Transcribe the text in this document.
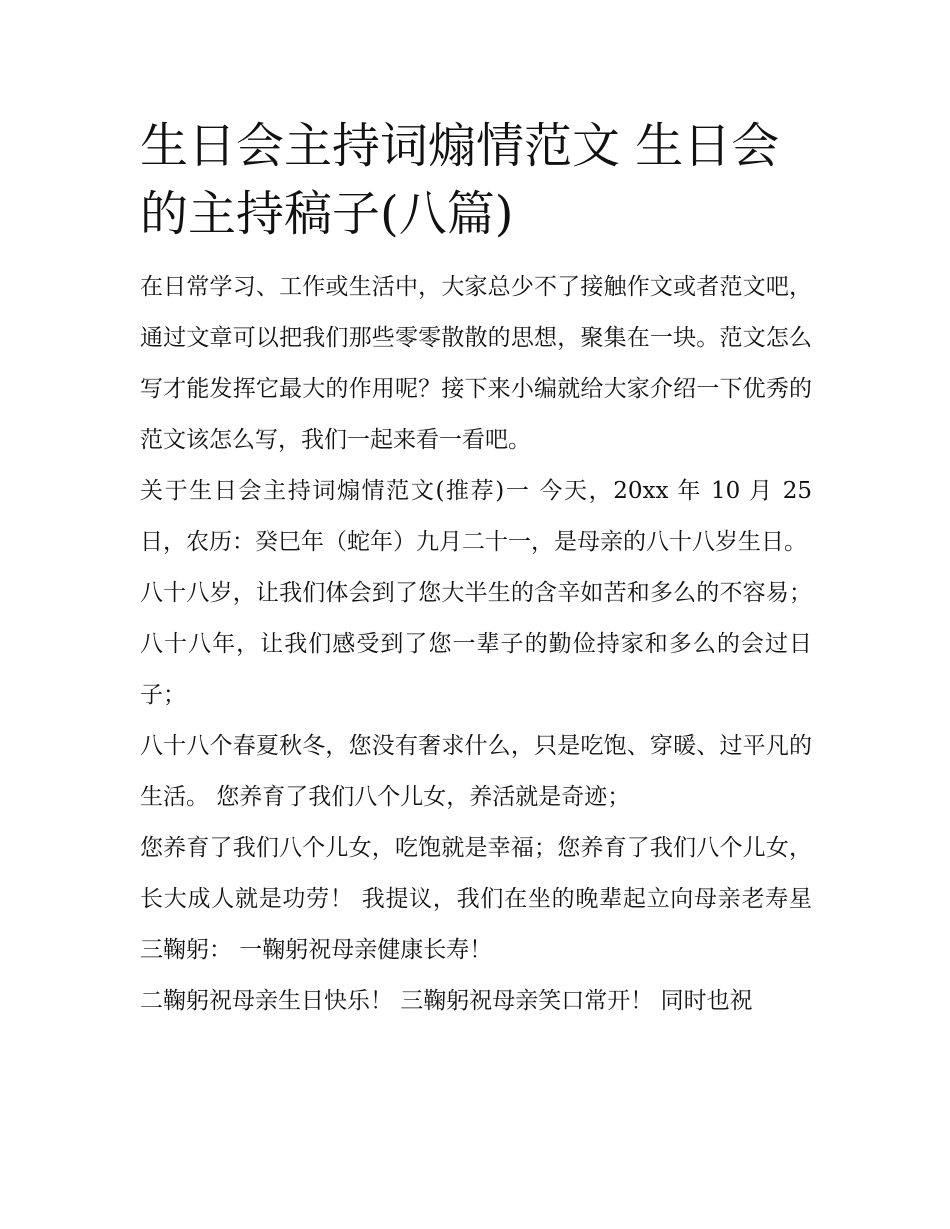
生日会主持词煽情范文 生日会的主持稿子(八篇)

在日常学习、工作或生活中，大家总少不了接触作文或者范文吧，通过文章可以把我们那些零零散散的思想，聚集在一块。范文怎么写才能发挥它最大的作用呢？接下来小编就给大家介绍一下优秀的范文该怎么写，我们一起来看一看吧。

关于生日会主持词煽情范文(推荐)一 今天，20xx 年 10 月 25 日，农历：癸巳年（蛇年）九月二十一，是母亲的八十八岁生日。

八十八岁，让我们体会到了您大半生的含辛如苦和多么的不容易； 八十八年，让我们感受到了您一辈子的勤俭持家和多么的会过日子；

八十八个春夏秋冬，您没有奢求什么，只是吃饱、穿暖、过平凡的生活。 您养育了我们八个儿女，养活就是奇迹；

您养育了我们八个儿女，吃饱就是幸福；您养育了我们八个儿女，长大成人就是功劳！ 我提议，我们在坐的晚辈起立向母亲老寿星三鞠躬： 一鞠躬祝母亲健康长寿！

二鞠躬祝母亲生日快乐！ 三鞠躬祝母亲笑口常开！ 同时也祝
